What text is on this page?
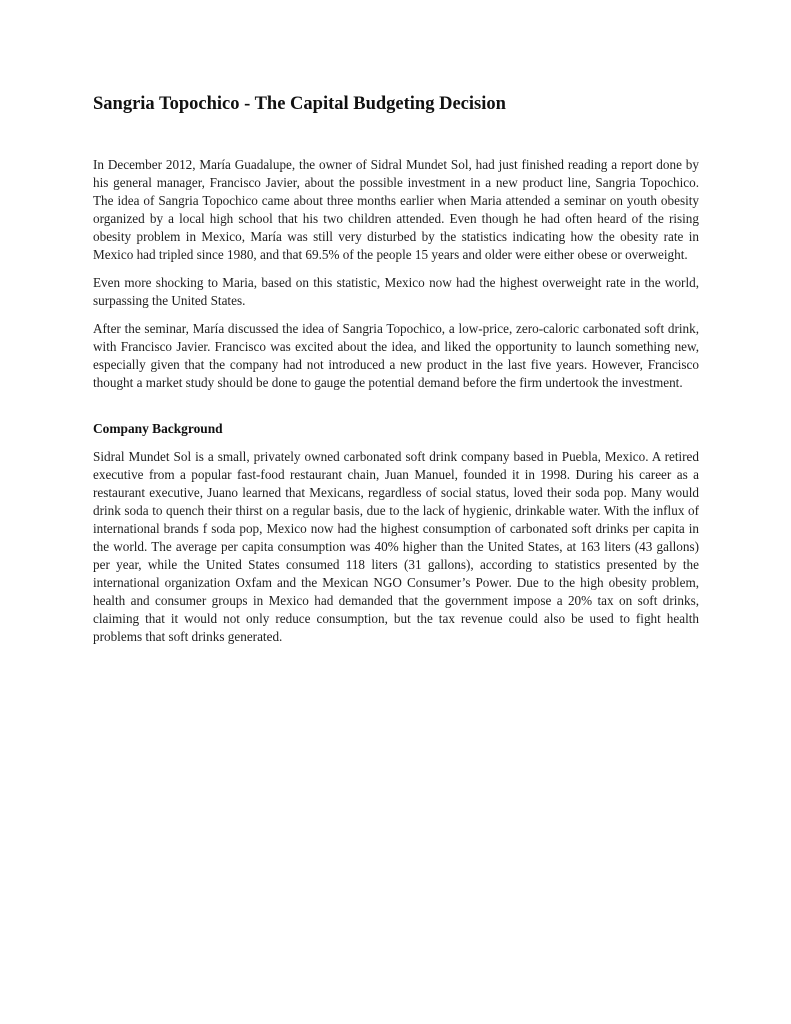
Sangria Topochico - The Capital Budgeting Decision

In December 2012, María Guadalupe, the owner of Sidral Mundet Sol, had just finished reading a report done by his general manager, Francisco Javier, about the possible investment in a new product line, Sangria Topochico. The idea of Sangria Topochico came about three months earlier when Maria attended a seminar on youth obesity organized by a local high school that his two children attended. Even though he had often heard of the rising obesity problem in Mexico, María was still very disturbed by the statistics indicating how the obesity rate in Mexico had tripled since 1980, and that 69.5% of the people 15 years and older were either obese or overweight.

Even more shocking to Maria, based on this statistic, Mexico now had the highest overweight rate in the world, surpassing the United States.

After the seminar, María discussed the idea of Sangria Topochico, a low-price, zero-caloric carbonated soft drink, with Francisco Javier. Francisco was excited about the idea, and liked the opportunity to launch something new, especially given that the company had not introduced a new product in the last five years. However, Francisco thought a market study should be done to gauge the potential demand before the firm undertook the investment.

Company Background

Sidral Mundet Sol is a small, privately owned carbonated soft drink company based in Puebla, Mexico. A retired executive from a popular fast-food restaurant chain, Juan Manuel, founded it in 1998. During his career as a restaurant executive, Juano learned that Mexicans, regardless of social status, loved their soda pop. Many would drink soda to quench their thirst on a regular basis, due to the lack of hygienic, drinkable water. With the influx of international brands f soda pop, Mexico now had the highest consumption of carbonated soft drinks per capita in the world. The average per capita consumption was 40% higher than the United States, at 163 liters (43 gallons) per year, while the United States consumed 118 liters (31 gallons), according to statistics presented by the international organization Oxfam and the Mexican NGO Consumer’s Power. Due to the high obesity problem, health and consumer groups in Mexico had demanded that the government impose a 20% tax on soft drinks, claiming that it would not only reduce consumption, but the tax revenue could also be used to fight health problems that soft drinks generated.
